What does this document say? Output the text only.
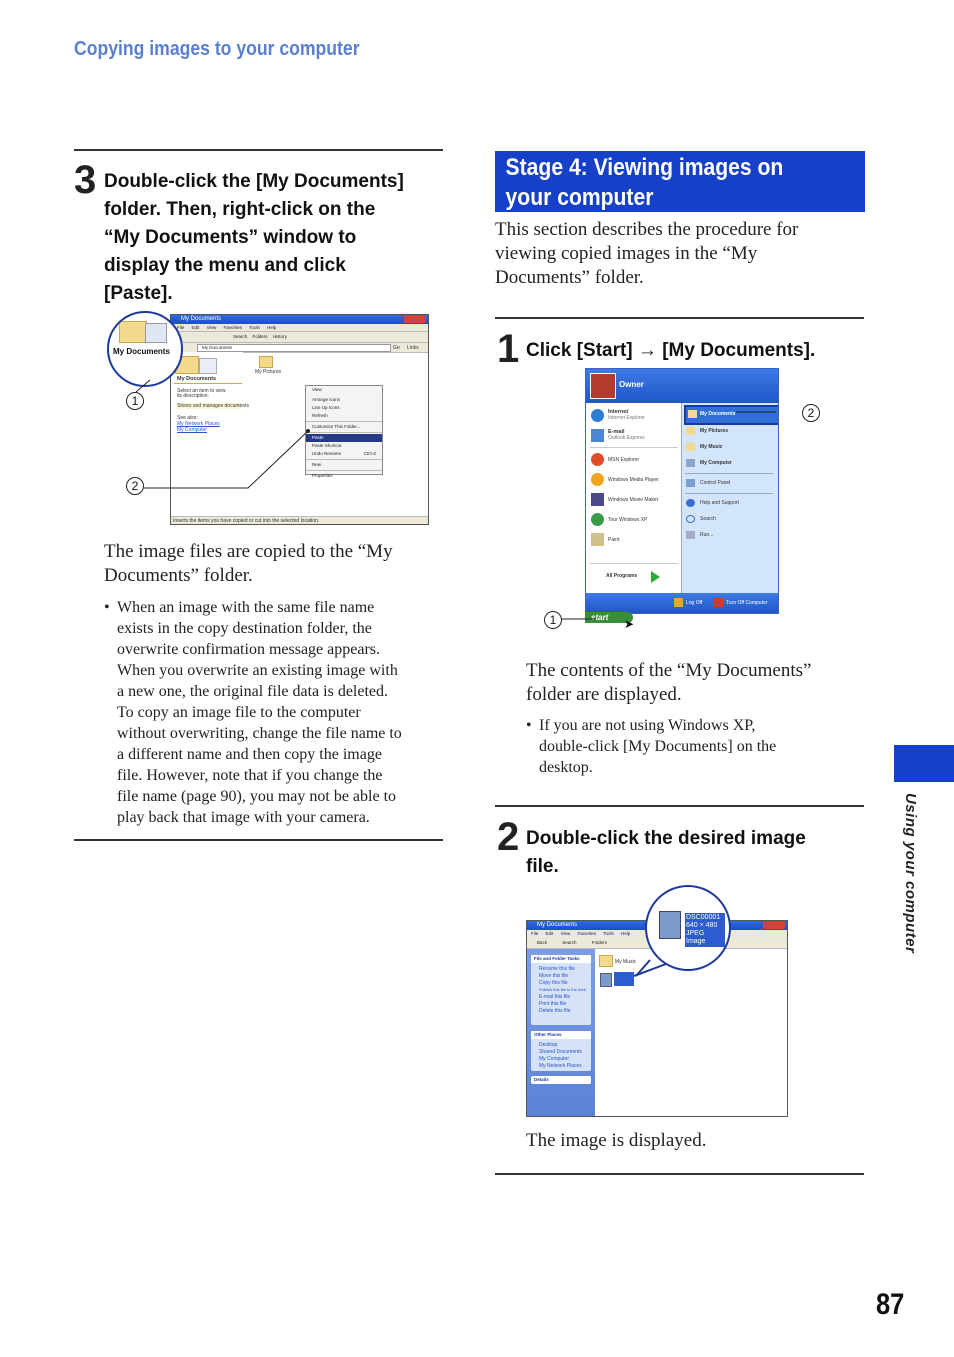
Copying images to your computer
3 Double-click the [My Documents]
folder. Then, right-click on the
“My Documents” window to
display the menu and click
[Paste].
My Documents
File Edit View Favorites Tools Help
Search Folders History
My Documents	Go Links
My Documents
Select an item to view its description.
Stores and manages documents
See also:
My Network Places
My Computer
My Pictures
View
Arrange Icons
Line Up Icons
Refresh
Customize This Folder...
Paste
Paste Shortcut
Undo Rename	Ctrl+Z
New
Properties
Inserts the items you have copied or cut into the selected location.
My Documents
1
2
The image files are copied to the “My Documents” folder.
• When an image with the same file name
exists in the copy destination folder, the
overwrite confirmation message appears.
When you overwrite an existing image with
a new one, the original file data is deleted.
To copy an image file to the computer
without overwriting, change the file name to
a different name and then copy the image
file. However, note that if you change the
file name (page 90), you may not be able to
play back that image with your camera.
Stage 4: Viewing images on
your computer
This section describes the procedure for
viewing copied images in the “My
Documents” folder.
1 Click [Start] → [My Documents].
Owner
Internet
Internet Explorer
E-mail
Outlook Express
MSN Explorer
Windows Media Player
Windows Movie Maker
Tour Windows XP
Paint
All Programs
My Documents
My Pictures
My Music
My Computer
Control Panel
Help and Support
Search
Run...
Log Off	Turn Off Computer
start ➤
1
2
The contents of the “My Documents”
folder are displayed.
• If you are not using Windows XP,
double-click [My Documents] on the
desktop.
2 Double-click the desired image
file.
My Documents
File Edit View Favorites Tools Help
Back	Search	Folders
File and Folder Tasks
Rename this file
Move this file
Copy this file
Publish this file to the Web
E-mail this file
Print this file
Delete this file
Other Places
Desktop
Shared Documents
My Computer
My Network Places
Details
My Music
DSC00001
640 × 480
JPEG Image
The image is displayed.
Using your computer
87
